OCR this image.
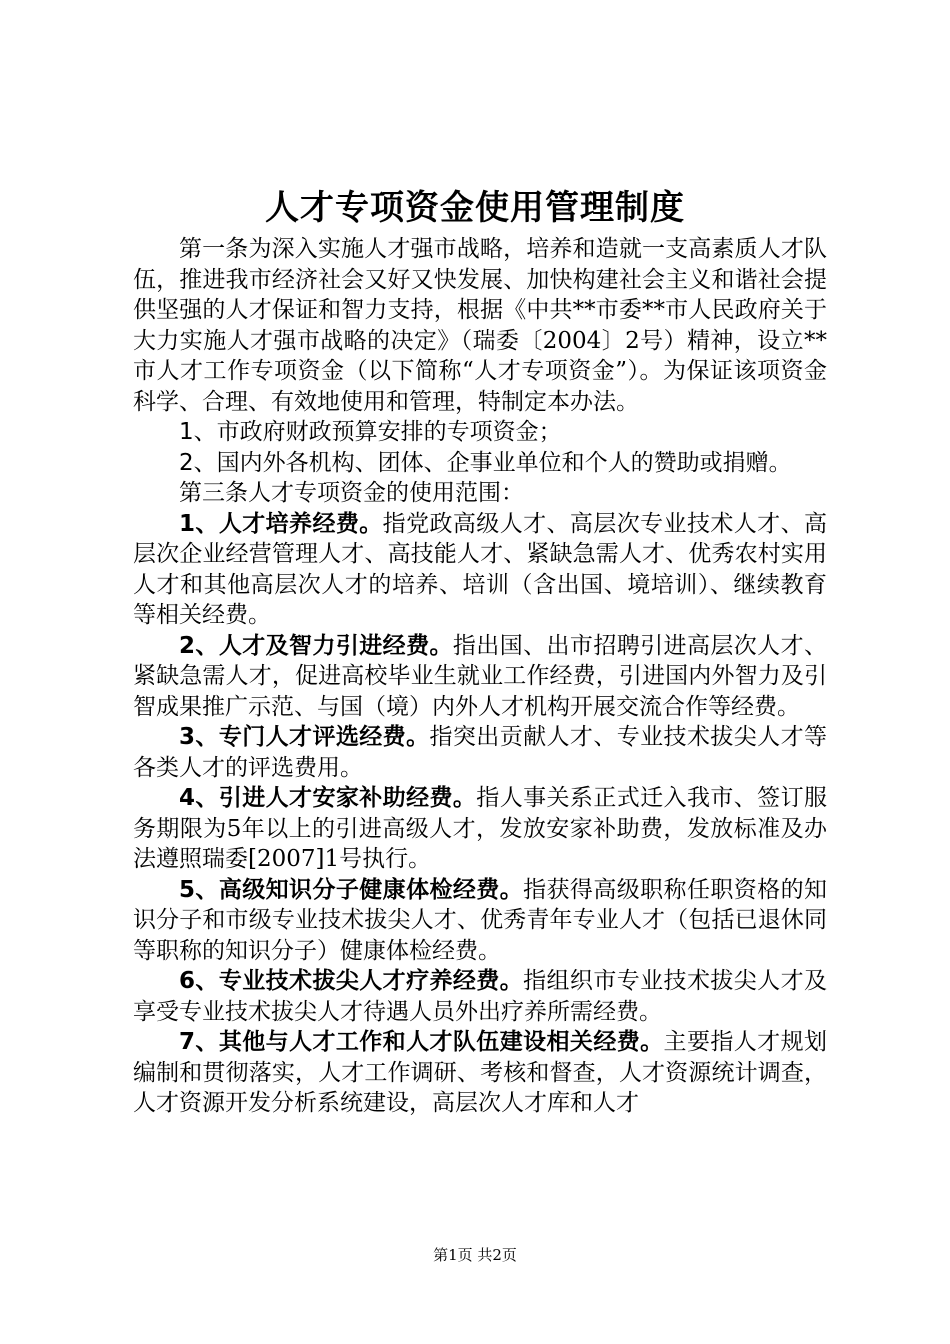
人才专项资金使用管理制度

第一条为深入实施人才强市战略，培养和造就一支高素质人才队伍，推进我市经济社会又好又快发展、加快构建社会主义和谐社会提供坚强的人才保证和智力支持，根据《中共**市委**市人民政府关于大力实施人才强市战略的决定》（瑞委〔2004〕2号）精神，设立**市人才工作专项资金（以下简称“人才专项资金”）。为保证该项资金科学、合理、有效地使用和管理，特制定本办法。

1、市政府财政预算安排的专项资金；

2、国内外各机构、团体、企事业单位和个人的赞助或捐赠。

第三条人才专项资金的使用范围：

1、人才培养经费。指党政高级人才、高层次专业技术人才、高层次企业经营管理人才、高技能人才、紧缺急需人才、优秀农村实用人才和其他高层次人才的培养、培训（含出国、境培训）、继续教育等相关经费。

2、人才及智力引进经费。指出国、出市招聘引进高层次人才、紧缺急需人才，促进高校毕业生就业工作经费，引进国内外智力及引智成果推广示范、与国（境）内外人才机构开展交流合作等经费。

3、专门人才评选经费。指突出贡献人才、专业技术拔尖人才等各类人才的评选费用。

4、引进人才安家补助经费。指人事关系正式迁入我市、签订服务期限为5年以上的引进高级人才，发放安家补助费，发放标准及办法遵照瑞委[2007]1号执行。

5、高级知识分子健康体检经费。指获得高级职称任职资格的知识分子和市级专业技术拔尖人才、优秀青年专业人才（包括已退休同等职称的知识分子）健康体检经费。

6、专业技术拔尖人才疗养经费。指组织市专业技术拔尖人才及享受专业技术拔尖人才待遇人员外出疗养所需经费。

7、其他与人才工作和人才队伍建设相关经费。主要指人才规划编制和贯彻落实，人才工作调研、考核和督查，人才资源统计调查，人才资源开发分析系统建设，高层次人才库和人才

第1页 共2页
